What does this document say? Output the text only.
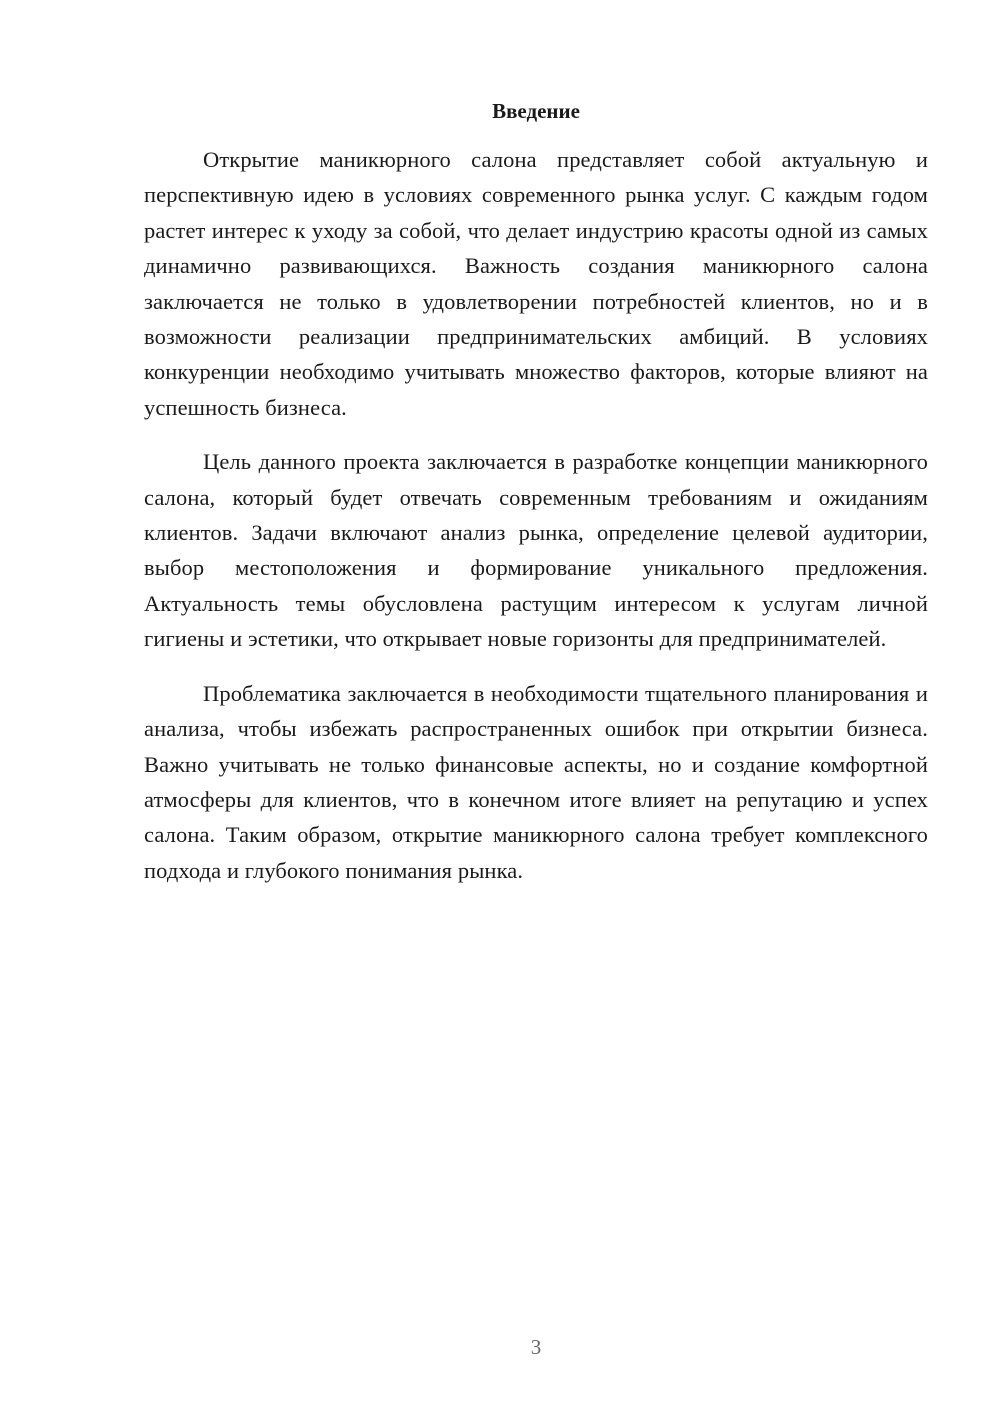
Введение

Открытие маникюрного салона представляет собой актуальную и перспективную идею в условиях современного рынка услуг. С каждым годом растет интерес к уходу за собой, что делает индустрию красоты одной из самых динамично развивающихся. Важность создания маникюрного салона заключается не только в удовлетворении потребностей клиентов, но и в возможности реализации предпринимательских амбиций. В условиях конкуренции необходимо учитывать множество факторов, которые влияют на успешность бизнеса.

Цель данного проекта заключается в разработке концепции маникюрного салона, который будет отвечать современным требованиям и ожиданиям клиентов. Задачи включают анализ рынка, определение целевой аудитории, выбор местоположения и формирование уникального предложения. Актуальность темы обусловлена растущим интересом к услугам личной гигиены и эстетики, что открывает новые горизонты для предпринимателей.

Проблематика заключается в необходимости тщательного планирования и анализа, чтобы избежать распространенных ошибок при открытии бизнеса. Важно учитывать не только финансовые аспекты, но и создание комфортной атмосферы для клиентов, что в конечном итоге влияет на репутацию и успех салона. Таким образом, открытие маникюрного салона требует комплексного подхода и глубокого понимания рынка.

3
